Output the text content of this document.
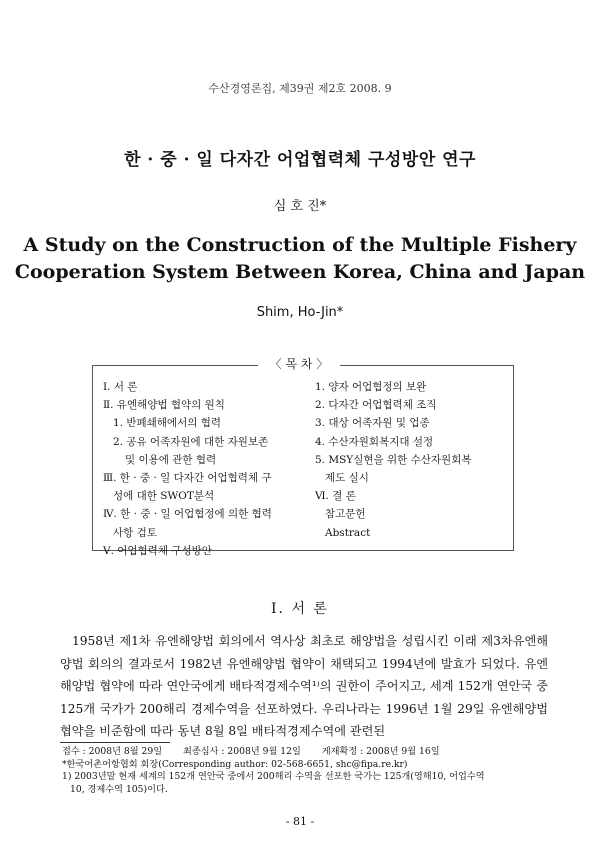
수산경영론집, 제39권 제2호 2008. 9
한 · 중 · 일 다자간 어업협력체 구성방안 연구
심 호 진*
A Study on the Construction of the Multiple Fishery
Cooperation System Between Korea, China and Japan
Shim, Ho-Jin*
Ⅰ. 서 론
Ⅱ. 유엔해양법 협약의 원칙
1. 반폐쇄해에서의 협력
2. 공유 어족자원에 대한 자원보존
및 이용에 관한 협력
Ⅲ. 한 · 중 · 일 다자간 어업협력체 구
성에 대한 SWOT분석
Ⅳ. 한 · 중 · 일 어업협정에 의한 협력
사항 검토
Ⅴ. 어업협력체 구성방안
1. 양자 어업협정의 보완
2. 다자간 어업협력체 조직
3. 대상 어족자원 및 업종
4. 수산자원회복지대 설정
5. MSY실현을 위한 수산자원회복
제도 실시
Ⅵ. 결 론
참고문헌
Abstract
〈 목 차 〉
Ⅰ. 서 론

1958년 제1차 유엔해양법 회의에서 역사상 최초로 해양법을 성립시킨 이래 제3차유엔해양법 회의의 결과로서 1982년 유엔해양법 협약이 채택되고 1994년에 발효가 되었다. 유엔해양법 협약에 따라 연안국에게 배타적경제수역¹⁾의 권한이 주어지고, 세계 152개 연안국 중 125개 국가가 200해리 경제수역을 선포하였다. 우리나라는 1996년 1월 29일 유엔해양법 협약을 비준함에 따라 동년 8월 8일 배타적경제수역에 관련된

접수 : 2008년 8월 29일 최종심사 : 2008년 9월 12일 게재확정 : 2008년 9월 16일
*한국어촌어항협회 회장(Corresponding author: 02-568-6651, shc@fipa.re.kr)
1) 2003년말 현재 세계의 152개 연안국 중에서 200해리 수역을 선포한 국가는 125개(영해10, 어업수역
10, 경제수역 105)이다.
- 81 -
